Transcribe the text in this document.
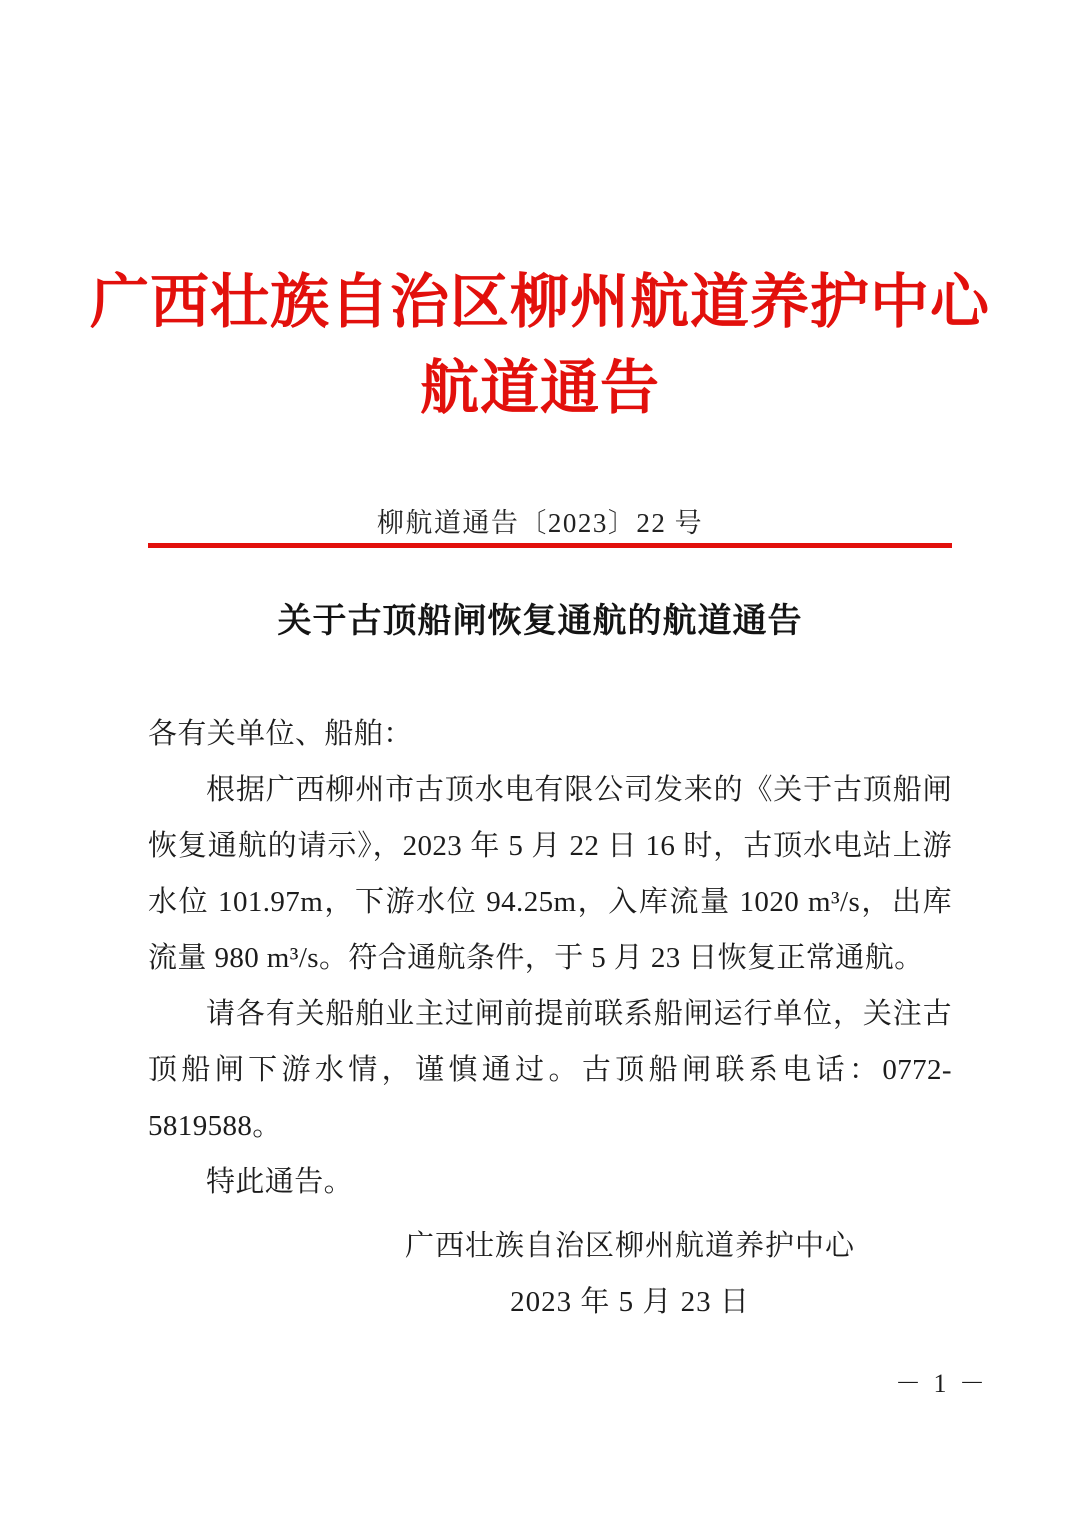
广西壮族自治区柳州航道养护中心
航道通告
柳航道通告〔2023〕22 号
关于古顶船闸恢复通航的航道通告

各有关单位、船舶：

根据广西柳州市古顶水电有限公司发来的《关于古顶船闸恢复通航的请示》，2023 年 5 月 22 日 16 时，古顶水电站上游水位 101.97m，下游水位 94.25m，入库流量 1020 m³/s，出库流量 980 m³/s。符合通航条件，于 5 月 23 日恢复正常通航。

请各有关船舶业主过闸前提前联系船闸运行单位，关注古顶船闸下游水情，谨慎通过。古顶船闸联系电话：0772-5819588。

特此通告。

广西壮族自治区柳州航道养护中心
2023 年 5 月 23 日
－ 1 －
